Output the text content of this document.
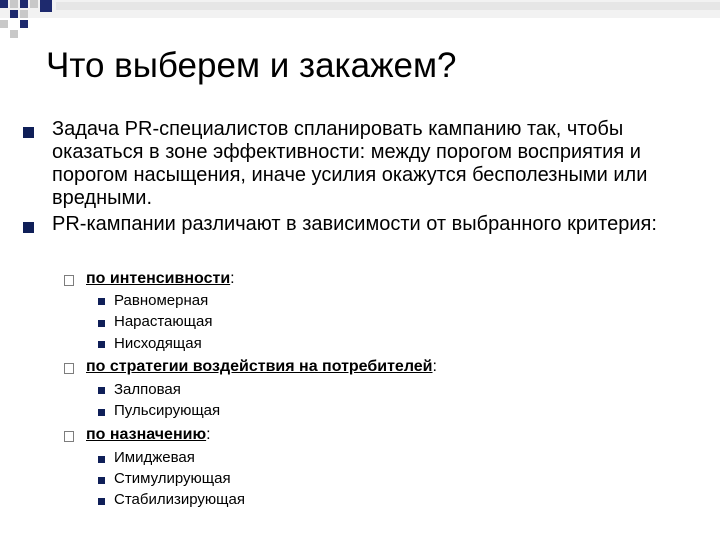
Что выберем и закажем?
Задача PR-специалистов спланировать кампанию так, чтобы оказаться в зоне эффективности: между порогом восприятия и порогом насыщения, иначе усилия окажутся бесполезными или вредными.
PR-кампании различают в зависимости от выбранного критерия:
по интенсивности:
Равномерная
Нарастающая
Нисходящая
по стратегии воздействия на потребителей:
Залповая
Пульсирующая
по назначению:
Имиджевая
Стимулирующая
Стабилизирующая
